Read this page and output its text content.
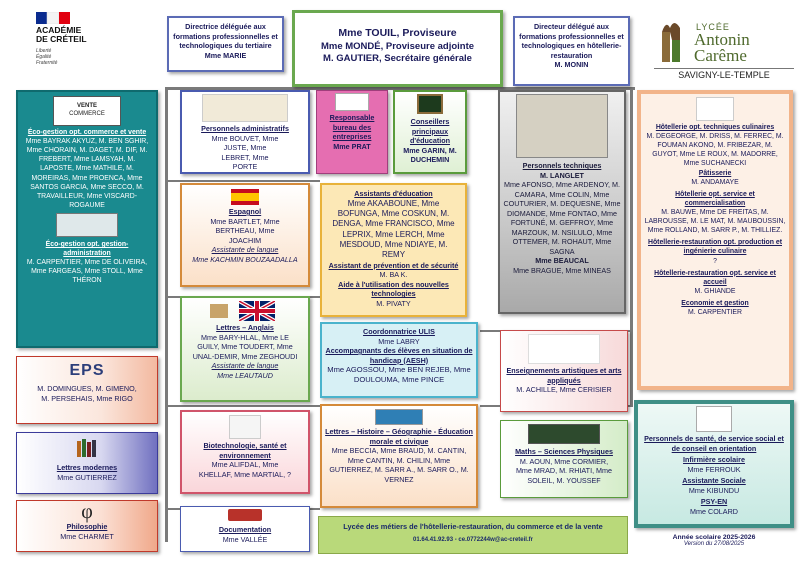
ACADÉMIE
DE CRÉTEIL
Liberté
Égalité
Fraternité
LYCÉE
Antonin
Carême
SAVIGNY-LE-TEMPLE
Mme TOUIL, Proviseure
Mme MONDÉ, Proviseure adjointe
M. GAUTIER, Secrétaire générale
Directrice déléguée aux formations professionnelles et technologiques du tertiaire
Mme MARIE
Directeur délégué aux formations professionnelles et technologiques en hôtellerie-restauration
M. MONIN
VENTE
COMMERCE
Éco-gestion opt. commerce et vente
Mme BAYRAK AKYUZ, M. BEN SGHIR, Mme CHORAIN, M. DAGET, M. DIF, M. FREBERT, Mme LAMSYAH, M. LAPOSTE, Mme MATHILE, M. MOREIRAS, Mme PROENCA, Mme SANTOS GARCIA, Mme SECCO, M. TRAVAILLEUR, Mme VISCARD-ROGAUME
Éco-gestion opt. gestion-administration
M. CARPENTIER, Mme DE OLIVEIRA, Mme FARGEAS, Mme STOLL, Mme THÉRON
EPS
M. DOMINGUES, M. GIMENO, M. PERSEHAIS, Mme RIGO
Lettres modernes
Mme GUTIERREZ
φ
Philosophie
Mme CHARMET
Personnels administratifs
Mme BOUVET, Mme JUSTE, Mme LEBRET, Mme PORTE
Responsable bureau des entreprises
Mme PRAT
Conseillers principaux d'éducation
Mme GARIN, M. DUCHEMIN
Personnels techniques
M. LANGLET
Mme AFONSO, Mme ARDENOY, M. CAMARA, Mme COLIN, Mme COUTURIER, M. DEQUESNE, Mme DIOMANDE, Mme FONTAO, Mme FORTUNÉ, M. GEFFROY, Mme MARZOUK, M. NSILULO, Mme OTTEMER, M. ROHAUT, Mme SAGNA
Mme BEAUCAL
Mme BRAGUE, Mme MINEAS
Hôtellerie opt. techniques culinaires
M. DEGEORGE, M. DRISS, M. FERREC, M. FOUMAN AKONO, M. FRIBEZAR, M. GUYOT, Mme LE ROUX, M. MADORRE, Mme SUCHANECKI
Pâtisserie
M. ANDAMAYE
Hôtellerie opt. service et commercialisation
M. BAUWE, Mme DE FREITAS, M. LABROUSSE, M. LE MAT, M. MAUBOUSSIN, Mme ROLLAND, M. SARR P., M. THILLIEZ.
Hôtellerie-restauration opt. production et ingénierie culinaire
?
Hôtellerie-restauration opt. service et accueil
M. GHIANDE
Economie et gestion
M. CARPENTIER
Espagnol
Mme BARTLET, Mme BERTHEAU, Mme JOACHIM
Assistante de langue
Mme KACHMIN BOUZAADALLA
Lettres – Anglais
Mme BARY-HLAL, Mme LE GUILY, Mme TOUDERT, Mme UNAL-DEMIR, Mme ZEGHOUDI
Assistante de langue
Mme LEAUTAUD
Assistants d'éducation
Mme AKAABOUNE, Mme BOFUNGA, Mme COSKUN, M. DENGA, Mme FRANCISCO, Mme LEPRIX, Mme LERCH, Mme MESDOUD, Mme NDIAYE, M. REMY
Assistant de prévention et de sécurité
M. BA K.
Aide à l'utilisation des nouvelles technologies
M. PIVATY
Coordonnatrice ULIS
Mme LABRY
Accompagnants des élèves en situation de handicap (AESH)
Mme AGOSSOU, Mme BEN REJEB, Mme DOULOUMA, Mme PINCE
Enseignements artistiques et arts appliqués
M. ACHILLE, Mme CERISIER
Biotechnologie, santé et environnement
Mme ALIFDAL, Mme KHELLAF, Mme MARTIAL, ?
Lettres – Histoire – Géographie - Éducation morale et civique
Mme BECCIA, Mme BRAUD, M. CANTIN, Mme CANTIN, M. CHILIN, Mme GUTIERREZ, M. SARR A., M. SARR O., M. VERNEZ
Maths – Sciences Physiques
M. AOUN, Mme CORMIER, Mme MRAD, M. RHIATI, Mme SOLEIL, M. YOUSSEF
Personnels de santé, de service social et de conseil en orientation
Infirmière scolaire
Mme FERROUK
Assistante Sociale
Mme KIBUNDU
PSY-EN
Mme COLARD
Documentation
Mme VALLÉE
Lycée des métiers de l'hôtellerie-restauration, du commerce et de la vente
01.64.41.92.93 - ce.0772244w@ac-creteil.fr	Année scolaire 2025-2026
Version du 27/08/2025
